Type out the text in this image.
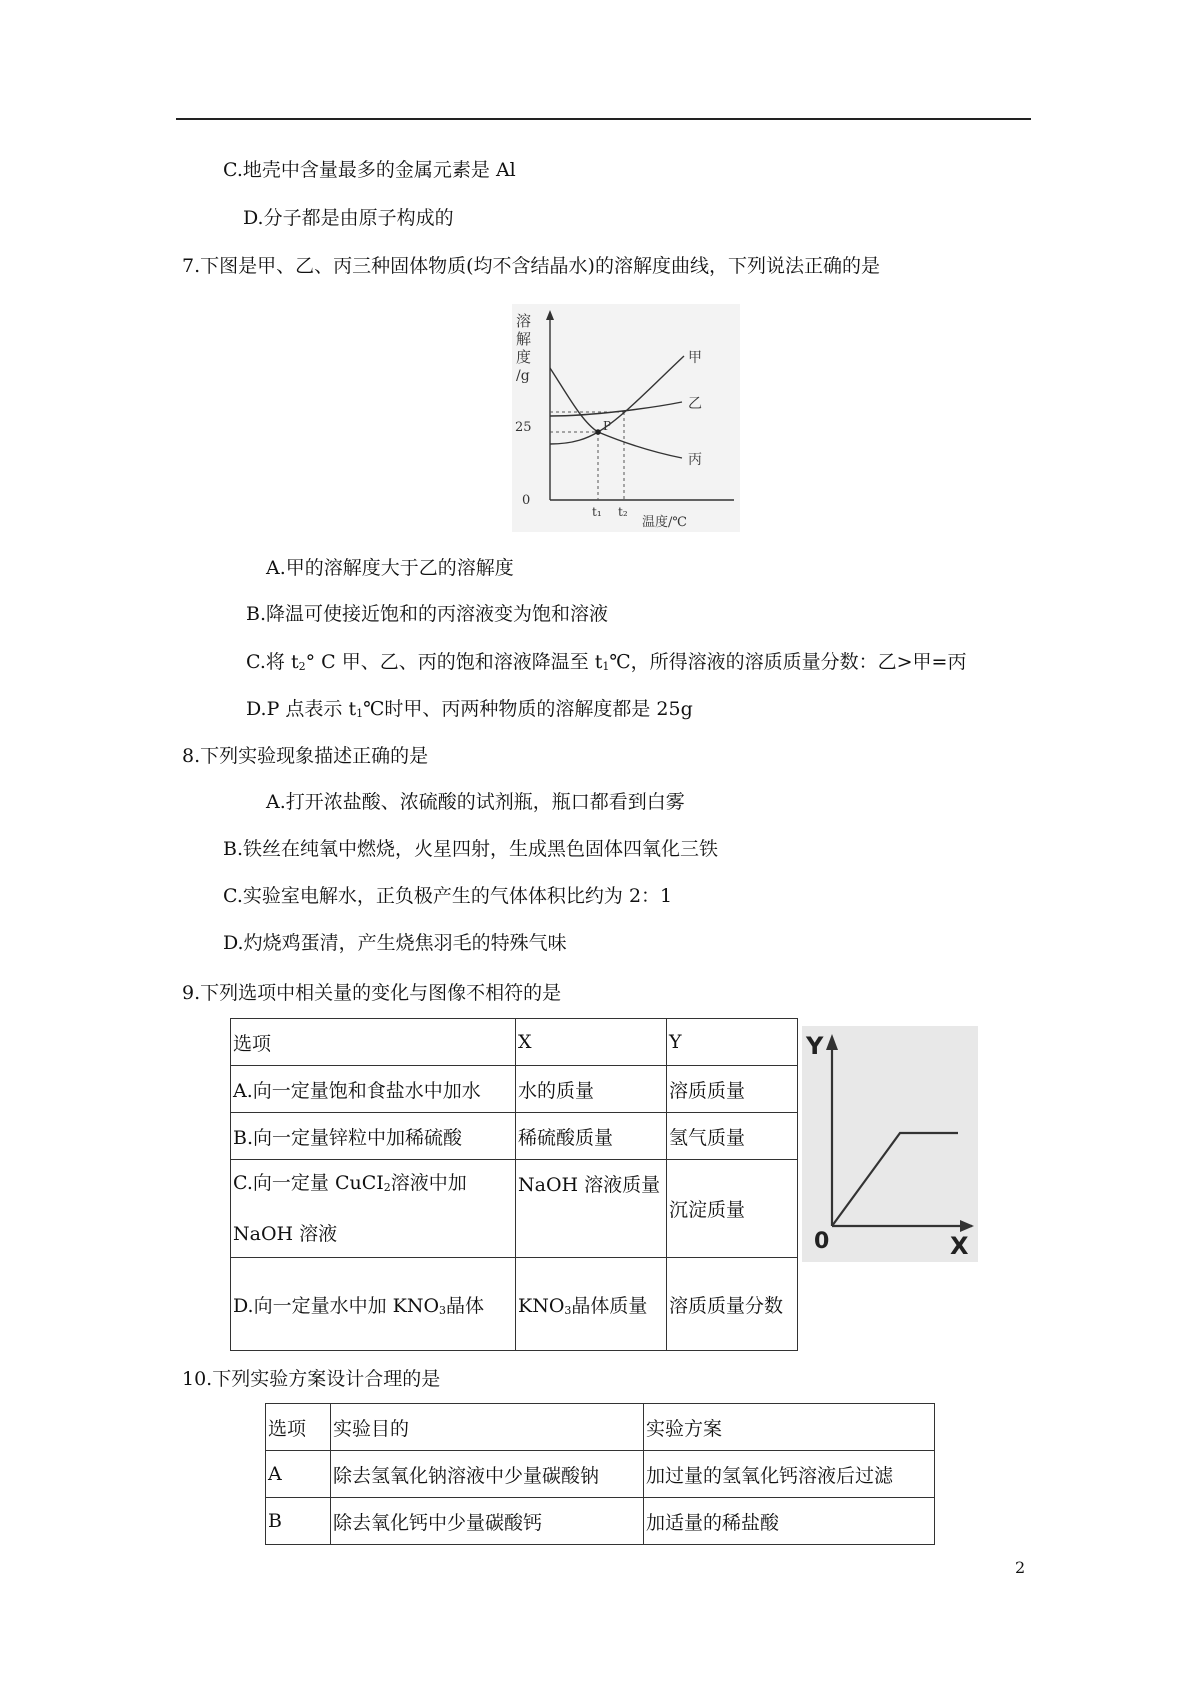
C.地壳中含量最多的金属元素是 Al
D.分子都是由原子构成的
7.下图是甲、乙、丙三种固体物质(均不含结晶水)的溶解度曲线，下列说法正确的是
溶
解
度
/g
25
0
P
甲
乙
丙
t₁ t₂
温度/℃
A.甲的溶解度大于乙的溶解度
B.降温可使接近饱和的丙溶液变为饱和溶液
C.将 $t_2^\circ$ C 甲、乙、丙的饱和溶液降温至 $t_1℃$，所得溶液的溶质质量分数：乙>甲=丙
D.P 点表示 $t_1℃$时甲、丙两种物质的溶解度都是 25g
8.下列实验现象描述正确的是
A.打开浓盐酸、浓硫酸的试剂瓶，瓶口都看到白雾
B.铁丝在纯氧中燃烧，火星四射，生成黑色固体四氧化三铁
C.实验室电解水，正负极产生的气体体积比约为 2：1
D.灼烧鸡蛋清，产生烧焦羽毛的特殊气味
9.下列选项中相关量的变化与图像不相符的是
选项	X	Y
A.向一定量饱和食盐水中加水	水的质量	溶质质量
B.向一定量锌粒中加稀硫酸	稀硫酸质量	氢气质量
C.向一定量 CuCI$_2$溶液中加
NaOH 溶液	NaOH 溶液质量	沉淀质量
D.向一定量水中加 $KNO_3$晶体	$KNO_3$晶体质量	溶质质量分数
Y
0	X
10.下列实验方案设计合理的是
选项	实验目的	实验方案
A	除去氢氧化钠溶液中少量碳酸钠	加过量的氢氧化钙溶液后过滤
B	除去氧化钙中少量碳酸钙	加适量的稀盐酸
2
